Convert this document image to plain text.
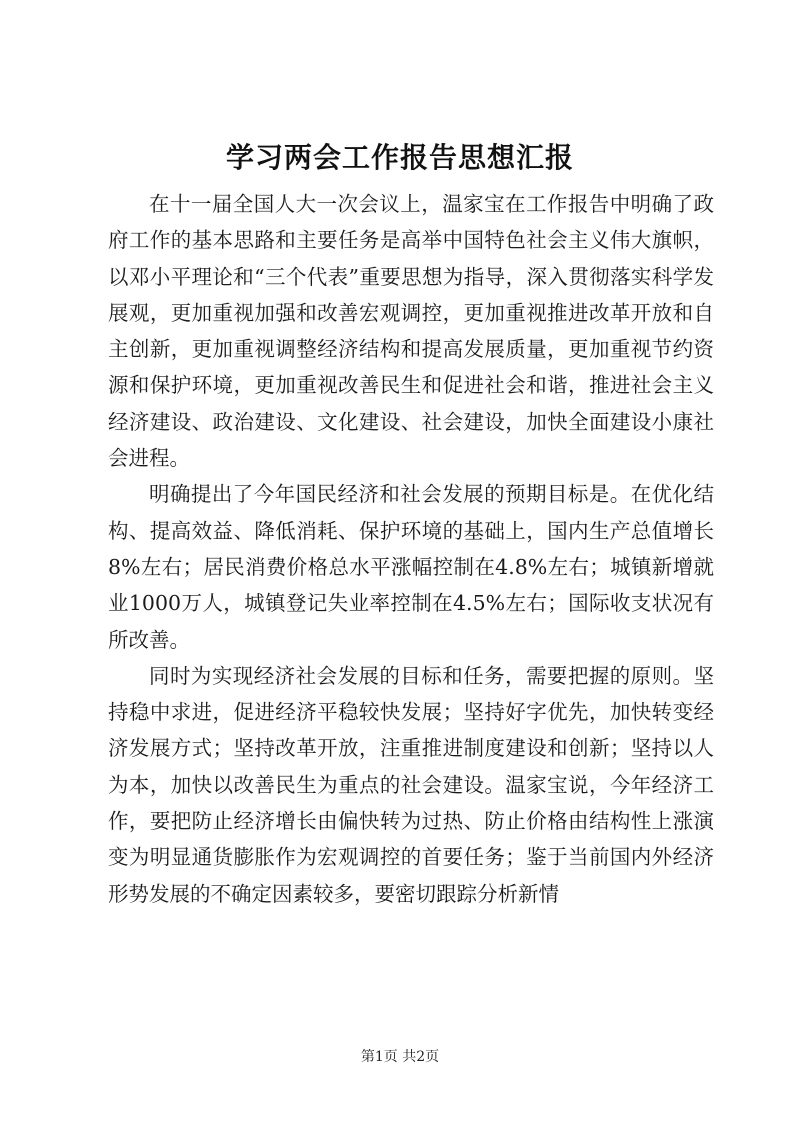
学习两会工作报告思想汇报

在十一届全国人大一次会议上，温家宝在工作报告中明确了政府工作的基本思路和主要任务是高举中国特色社会主义伟大旗帜，以邓小平理论和“三个代表”重要思想为指导，深入贯彻落实科学发展观，更加重视加强和改善宏观调控，更加重视推进改革开放和自主创新，更加重视调整经济结构和提高发展质量，更加重视节约资源和保护环境，更加重视改善民生和促进社会和谐，推进社会主义经济建设、政治建设、文化建设、社会建设，加快全面建设小康社会进程。

明确提出了今年国民经济和社会发展的预期目标是。在优化结构、提高效益、降低消耗、保护环境的基础上，国内生产总值增长8%左右；居民消费价格总水平涨幅控制在4.8%左右；城镇新增就业1000万人，城镇登记失业率控制在4.5%左右；国际收支状况有所改善。

同时为实现经济社会发展的目标和任务，需要把握的原则。坚持稳中求进，促进经济平稳较快发展；坚持好字优先，加快转变经济发展方式；坚持改革开放，注重推进制度建设和创新；坚持以人为本，加快以改善民生为重点的社会建设。温家宝说，今年经济工作，要把防止经济增长由偏快转为过热、防止价格由结构性上涨演变为明显通货膨胀作为宏观调控的首要任务；鉴于当前国内外经济形势发展的不确定因素较多，要密切跟踪分析新情

第1页 共2页
